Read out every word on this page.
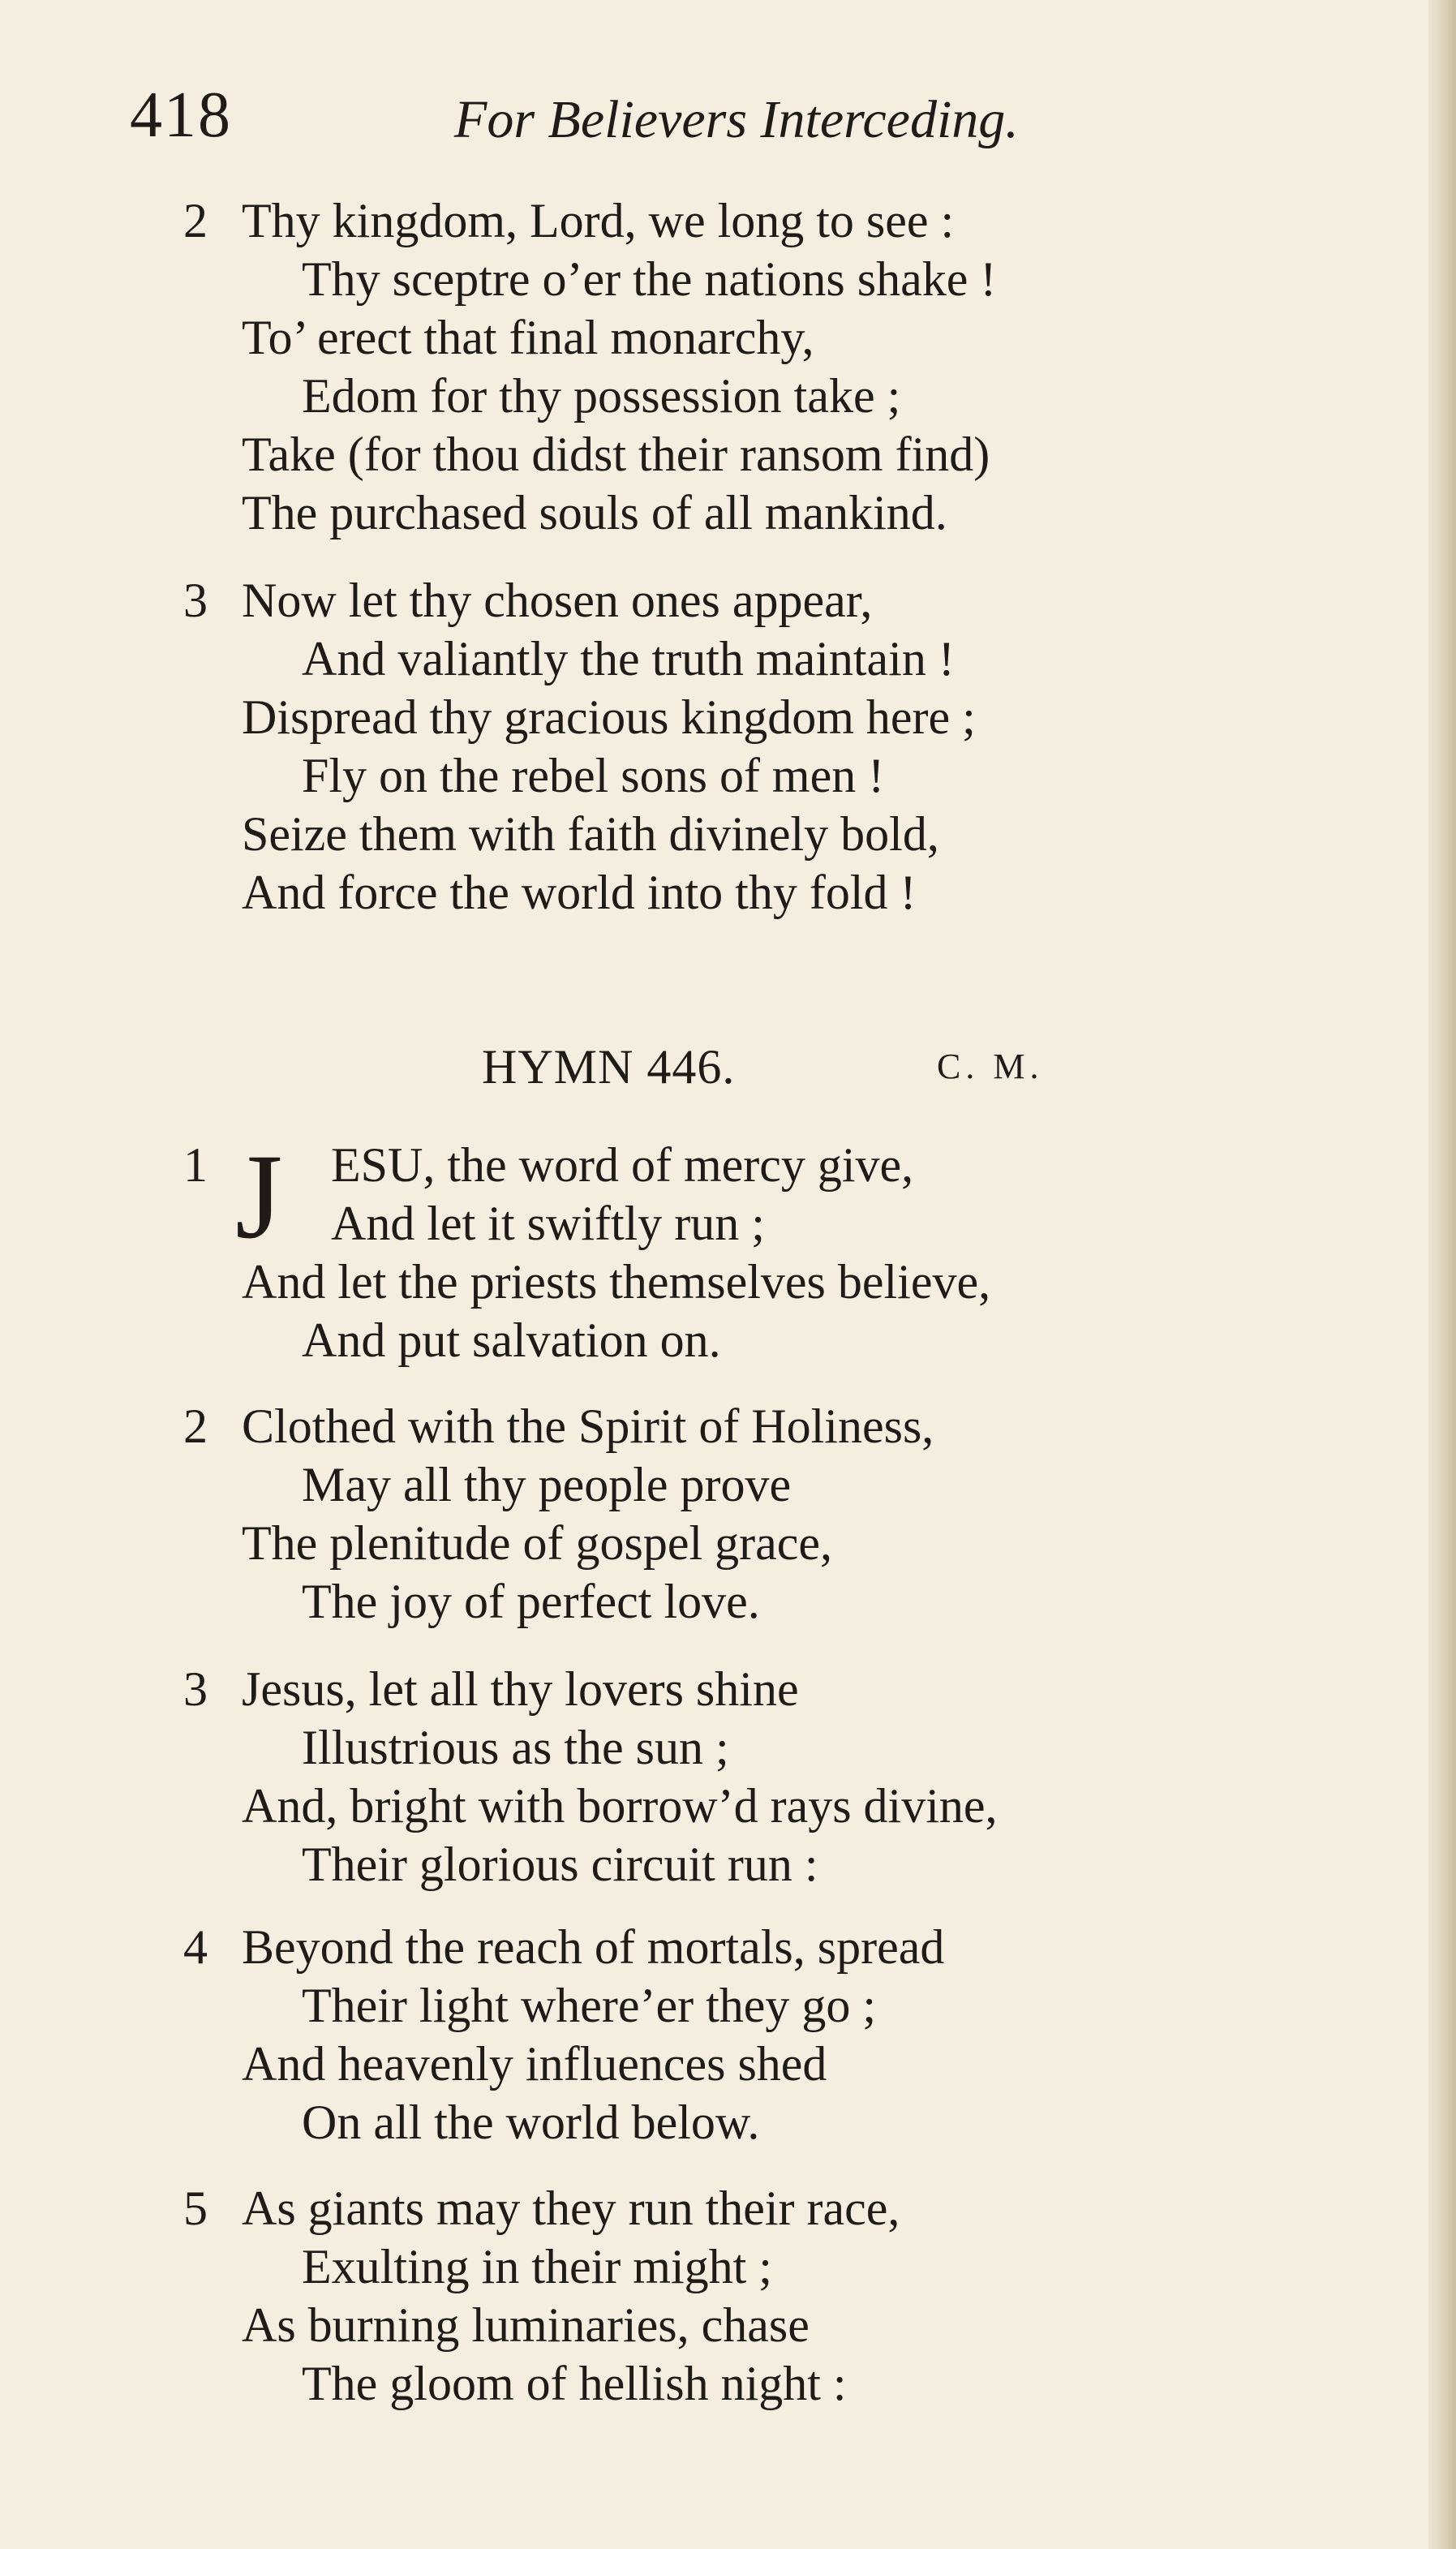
418	For Believers Interceding.
2 Thy kingdom, Lord, we long to see :
Thy sceptre o’er the nations shake !
To’ erect that final monarchy,
Edom for thy possession take ;
Take (for thou didst their ransom find)
The purchased souls of all mankind.
3 Now let thy chosen ones appear,
And valiantly the truth maintain !
Dispread thy gracious kingdom here ;
Fly on the rebel sons of men !
Seize them with faith divinely bold,
And force the world into thy fold !
HYMN 446.	C. M.
J
1	ESU, the word of mercy give,
And let it swiftly run ;
And let the priests themselves believe,
And put salvation on.
2 Clothed with the Spirit of Holiness,
May all thy people prove
The plenitude of gospel grace,
The joy of perfect love.
3 Jesus, let all thy lovers shine
Illustrious as the sun ;
And, bright with borrow’d rays divine,
Their glorious circuit run :
4 Beyond the reach of mortals, spread
Their light where’er they go ;
And heavenly influences shed
On all the world below.
5 As giants may they run their race,
Exulting in their might ;
As burning luminaries, chase
The gloom of hellish night :
